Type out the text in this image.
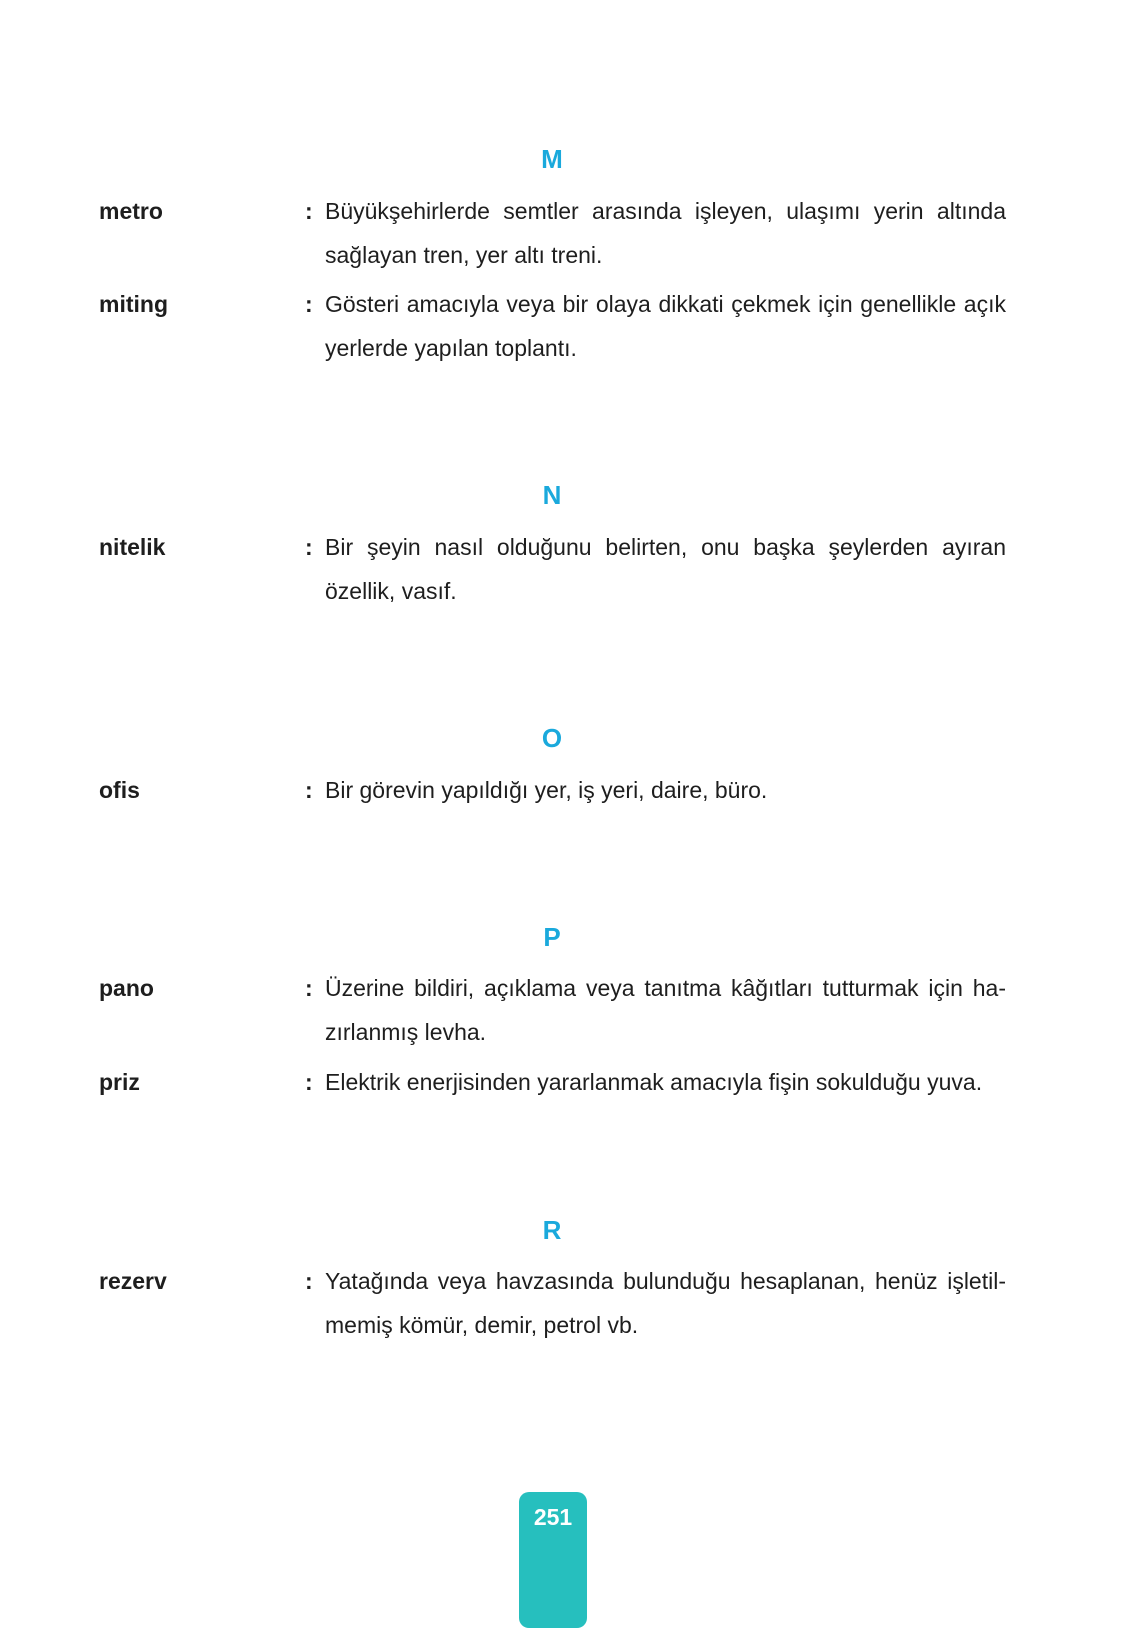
M
metro	: Büyükşehirlerde semtler arasında işleyen, ulaşımı yerin altında sağlayan tren, yer altı treni.
miting	: Gösteri amacıyla veya bir olaya dikkati çekmek için genellikle açık yerlerde yapılan toplantı.
N
nitelik	: Bir şeyin nasıl olduğunu belirten, onu başka şeylerden ayıran özellik, vasıf.
O
ofis	: Bir görevin yapıldığı yer, iş yeri, daire, büro.
P
pano	: Üzerine bildiri, açıklama veya tanıtma kâğıtları tutturmak için ha-zırlanmış levha.
priz	: Elektrik enerjisinden yararlanmak amacıyla fişin sokulduğu yuva.
R
rezerv	: Yatağında veya havzasında bulunduğu hesaplanan, henüz işletil-memiş kömür, demir, petrol vb.
251
